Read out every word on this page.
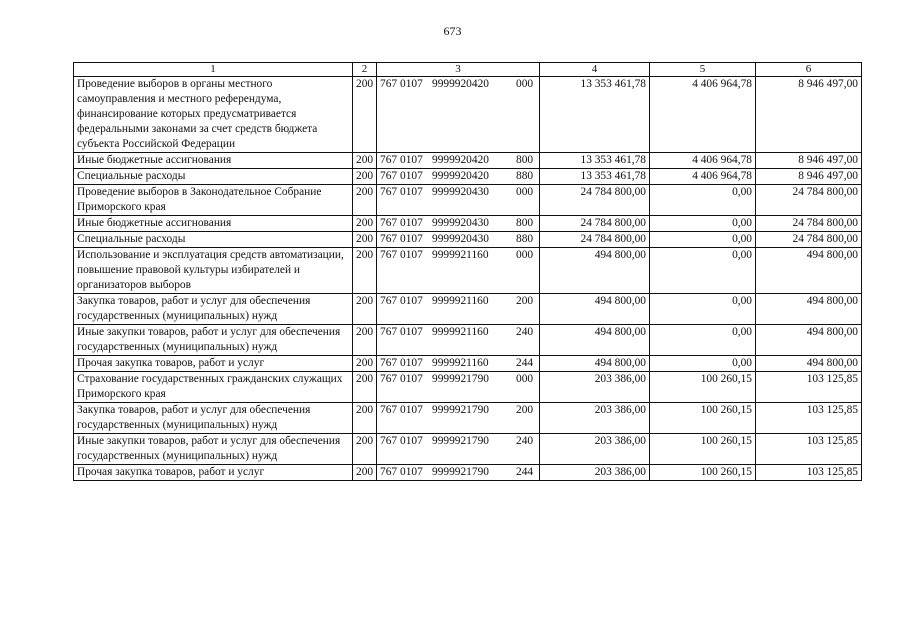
673
1	2	3	4	5	6
Проведение выборов в органы местного самоуправления и местного референдума, финансирование которых предусматривается федеральными законами за счет средств бюджета субъекта Российской Федерации	200	767 0107 9999920420 000	13 353 461,78	4 406 964,78	8 946 497,00
Иные бюджетные ассигнования	200	767 0107 9999920420 800	13 353 461,78	4 406 964,78	8 946 497,00
Специальные расходы	200	767 0107 9999920420 880	13 353 461,78	4 406 964,78	8 946 497,00
Проведение выборов в Законодательное Собрание Приморского края	200	767 0107 9999920430 000	24 784 800,00	0,00	24 784 800,00
Иные бюджетные ассигнования	200	767 0107 9999920430 800	24 784 800,00	0,00	24 784 800,00
Специальные расходы	200	767 0107 9999920430 880	24 784 800,00	0,00	24 784 800,00
Использование и эксплуатация средств автоматизации, повышение правовой культуры избирателей и организаторов выборов	200	767 0107 9999921160 000	494 800,00	0,00	494 800,00
Закупка товаров, работ и услуг для обеспечения государственных (муниципальных) нужд	200	767 0107 9999921160 200	494 800,00	0,00	494 800,00
Иные закупки товаров, работ и услуг для обеспечения государственных (муниципальных) нужд	200	767 0107 9999921160 240	494 800,00	0,00	494 800,00
Прочая закупка товаров, работ и услуг	200	767 0107 9999921160 244	494 800,00	0,00	494 800,00
Страхование государственных гражданских служащих Приморского края	200	767 0107 9999921790 000	203 386,00	100 260,15	103 125,85
Закупка товаров, работ и услуг для обеспечения государственных (муниципальных) нужд	200	767 0107 9999921790 200	203 386,00	100 260,15	103 125,85
Иные закупки товаров, работ и услуг для обеспечения государственных (муниципальных) нужд	200	767 0107 9999921790 240	203 386,00	100 260,15	103 125,85
Прочая закупка товаров, работ и услуг	200	767 0107 9999921790 244	203 386,00	100 260,15	103 125,85
